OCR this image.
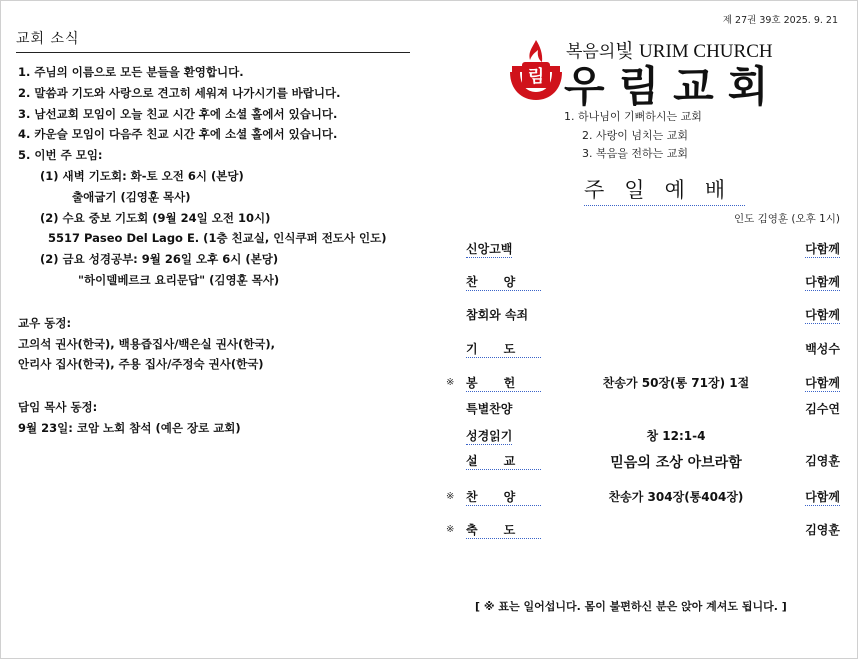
교회 소식
1. 주님의 이름으로 모든 분들을 환영합니다.
2. 말씀과 기도와 사랑으로 견고히 세워져 나가시기를 바랍니다.
3. 남선교회 모임이 오늘 친교 시간 후에 소셜 홀에서 있습니다.
4. 카운슬 모임이 다음주 친교 시간 후에 소셜 홀에서 있습니다.
5. 이번 주 모임:
(1) 새벽 기도회: 화-토 오전 6시 (본당)
출애굽기 (김영훈 목사)
(2) 수요 중보 기도회 (9월 24일 오전 10시)
5517 Paseo Del Lago E. (1층 친교실, 인식쿠퍼 전도사 인도)
(2) 금요 성경공부: 9월 26일 오후 6시 (본당)
"하이델베르크 요리문답" (김영훈 목사)
교우 동정:
고의석 권사(한국), 백용즙집사/백은실 권사(한국),
안리사 집사(한국), 주용 집사/주정숙 권사(한국)
담임 목사 동정:
9월 23일: 코암 노회 참석 (예은 장로 교회)
제 27권 39호 2025. 9. 21
림
복음의빛 URIM CHURCH
우림교회
1. 하나님이 기뻐하시는 교회
2. 사랑이 넘치는 교회
3. 복음을 전하는 교회
주일예배
인도 김영훈 (오후 1시)
신앙고백	다함께
찬양	다함께
참회와 속죄	다함께
기도	백성수
※ 봉헌	찬송가 50장(통 71장) 1절	다함께
특별찬양	김수연
성경읽기	창 12:1-4
설교	믿음의 조상 아브라함	김영훈
※ 찬양	찬송가 304장(통404장)	다함께
※ 축도	김영훈
[ ※ 표는 일어섭니다. 몸이 불편하신 분은 앉아 계셔도 됩니다. ]
